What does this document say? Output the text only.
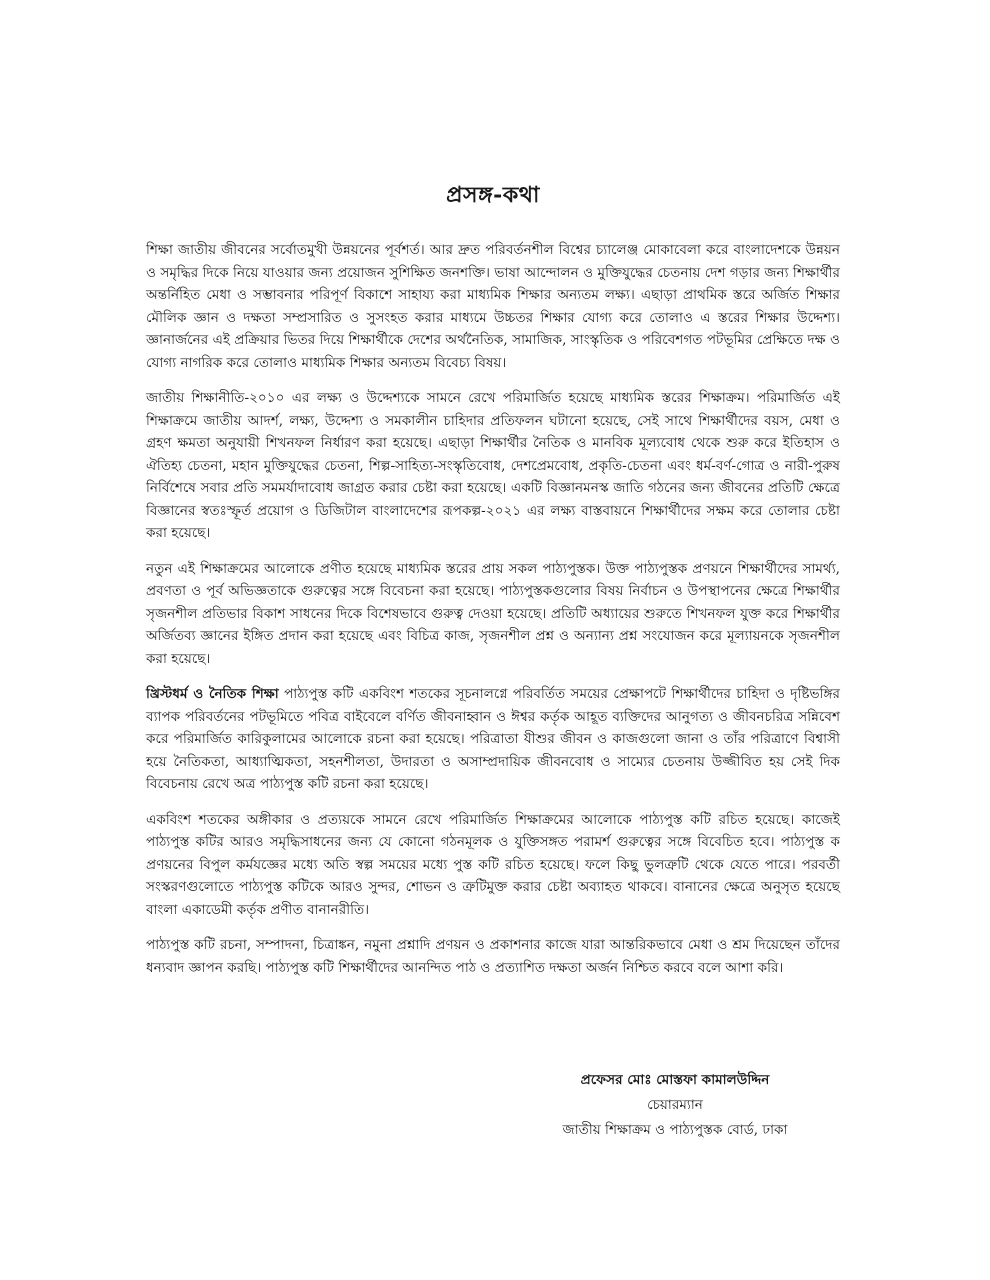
প্রসঙ্গ-কথা

শিক্ষা জাতীয় জীবনের সর্বোতমুখী উন্নয়নের পূর্বশর্ত। আর দ্রুত পরিবর্তনশীল বিশ্বের চ্যালেঞ্জ মোকাবেলা করে বাংলাদেশকে উন্নয়ন ও সমৃদ্ধির দিকে নিয়ে যাওয়ার জন্য প্রয়োজন সুশিক্ষিত জনশক্তি। ভাষা আন্দোলন ও মুক্তিযুদ্ধের চেতনায় দেশ গড়ার জন্য শিক্ষার্থীর অন্তর্নিহিত মেধা ও সম্ভাবনার পরিপূর্ণ বিকাশে সাহায্য করা মাধ্যমিক শিক্ষার অন্যতম লক্ষ্য। এছাড়া প্রাথমিক স্তরে অর্জিত শিক্ষার মৌলিক জ্ঞান ও দক্ষতা সম্প্রসারিত ও সুসংহত করার মাধ্যমে উচ্চতর শিক্ষার যোগ্য করে তোলাও এ স্তরের শিক্ষার উদ্দেশ্য। জ্ঞানার্জনের এই প্রক্রিয়ার ভিতর দিয়ে শিক্ষার্থীকে দেশের অর্থনৈতিক, সামাজিক, সাংস্কৃতিক ও পরিবেশগত পটভূমির প্রেক্ষিতে দক্ষ ও যোগ্য নাগরিক করে তোলাও মাধ্যমিক শিক্ষার অন্যতম বিবেচ্য বিষয়।

জাতীয় শিক্ষানীতি-২০১০ এর লক্ষ্য ও উদ্দেশ্যকে সামনে রেখে পরিমার্জিত হয়েছে মাধ্যমিক স্তরের শিক্ষাক্রম। পরিমার্জিত এই শিক্ষাক্রমে জাতীয় আদর্শ, লক্ষ্য, উদ্দেশ্য ও সমকালীন চাহিদার প্রতিফলন ঘটানো হয়েছে, সেই সাথে শিক্ষার্থীদের বয়স, মেধা ও গ্রহণ ক্ষমতা অনুযায়ী শিখনফল নির্ধারণ করা হয়েছে। এছাড়া শিক্ষার্থীর নৈতিক ও মানবিক মূল্যবোধ থেকে শুরু করে ইতিহাস ও ঐতিহ্য চেতনা, মহান মুক্তিযুদ্ধের চেতনা, শিল্প-সাহিত্য-সংস্কৃতিবোধ, দেশপ্রেমবোধ, প্রকৃতি-চেতনা এবং ধর্ম-বর্ণ-গোত্র ও নারী-পুরুষ নির্বিশেষে সবার প্রতি সমমর্যাদাবোধ জাগ্রত করার চেষ্টা করা হয়েছে। একটি বিজ্ঞানমনস্ক জাতি গঠনের জন্য জীবনের প্রতিটি ক্ষেত্রে বিজ্ঞানের স্বতঃস্ফূর্ত প্রয়োগ ও ডিজিটাল বাংলাদেশের রূপকল্প-২০২১ এর লক্ষ্য বাস্তবায়নে শিক্ষার্থীদের সক্ষম করে তোলার চেষ্টা করা হয়েছে।

নতুন এই শিক্ষাক্রমের আলোকে প্রণীত হয়েছে মাধ্যমিক স্তরের প্রায় সকল পাঠ্যপুস্তক। উক্ত পাঠ্যপুস্তক প্রণয়নে শিক্ষার্থীদের সামর্থ্য, প্রবণতা ও পূর্ব অভিজ্ঞতাকে গুরুত্বের সঙ্গে বিবেচনা করা হয়েছে। পাঠ্যপুস্তকগুলোর বিষয় নির্বাচন ও উপস্থাপনের ক্ষেত্রে শিক্ষার্থীর সৃজনশীল প্রতিভার বিকাশ সাধনের দিকে বিশেষভাবে গুরুত্ব দেওয়া হয়েছে। প্রতিটি অধ্যায়ের শুরুতে শিখনফল যুক্ত করে শিক্ষার্থীর অর্জিতব্য জ্ঞানের ইঙ্গিত প্রদান করা হয়েছে এবং বিচিত্র কাজ, সৃজনশীল প্রশ্ন ও অন্যান্য প্রশ্ন সংযোজন করে মূল্যায়নকে সৃজনশীল করা হয়েছে।

খ্রিস্টধর্ম ও নৈতিক শিক্ষা পাঠ্যপুস্ত কটি একবিংশ শতকের সূচনালগ্নে পরিবর্তিত সময়ের প্রেক্ষাপটে শিক্ষার্থীদের চাহিদা ও দৃষ্টিভঙ্গির ব্যাপক পরিবর্তনের পটভূমিতে পবিত্র বাইবেলে বর্ণিত জীবনাহ্বান ও ঈশ্বর কর্তৃক আহূত ব্যক্তিদের আনুগত্য ও জীবনচরিত্র সন্নিবেশ করে পরিমার্জিত কারিকুলামের আলোকে রচনা করা হয়েছে। পরিত্রাতা যীশুর জীবন ও কাজগুলো জানা ও তাঁর পরিত্রাণে বিশ্বাসী হয়ে নৈতিকতা, আধ্যাত্মিকতা, সহনশীলতা, উদারতা ও অসাম্প্রদায়িক জীবনবোধ ও সাম্যের চেতনায় উজ্জীবিত হয় সেই দিক বিবেচনায় রেখে অত্র পাঠ্যপুস্ত কটি রচনা করা হয়েছে।

একবিংশ শতকের অঙ্গীকার ও প্রত্যয়কে সামনে রেখে পরিমার্জিত শিক্ষাক্রমের আলোকে পাঠ্যপুস্ত কটি রচিত হয়েছে। কাজেই পাঠ্যপুস্ত কটির আরও সমৃদ্ধিসাধনের জন্য যে কোনো গঠনমূলক ও যুক্তিসঙ্গত পরামর্শ গুরুত্বের সঙ্গে বিবেচিত হবে। পাঠ্যপুস্ত ক প্রণয়নের বিপুল কর্মযজ্ঞের মধ্যে অতি স্বল্প সময়ের মধ্যে পুস্ত কটি রচিত হয়েছে। ফলে কিছু ভুলত্রুটি থেকে যেতে পারে। পরবর্তী সংস্করণগুলোতে পাঠ্যপুস্ত কটিকে আরও সুন্দর, শোভন ও ত্রুটিমুক্ত করার চেষ্টা অব্যাহত থাকবে। বানানের ক্ষেত্রে অনুসৃত হয়েছে বাংলা একাডেমী কর্তৃক প্রণীত বানানরীতি।

পাঠ্যপুস্ত কটি রচনা, সম্পাদনা, চিত্রাঙ্কন, নমুনা প্রশ্নাদি প্রণয়ন ও প্রকাশনার কাজে যারা আন্তরিকভাবে মেধা ও শ্রম দিয়েছেন তাঁদের ধন্যবাদ জ্ঞাপন করছি। পাঠ্যপুস্ত কটি শিক্ষার্থীদের আনন্দিত পাঠ ও প্রত্যাশিত দক্ষতা অর্জন নিশ্চিত করবে বলে আশা করি।

প্রফেসর মোঃ মোস্তফা কামালউদ্দিন
চেয়ারম্যান
জাতীয় শিক্ষাক্রম ও পাঠ্যপুস্তক বোর্ড, ঢাকা
